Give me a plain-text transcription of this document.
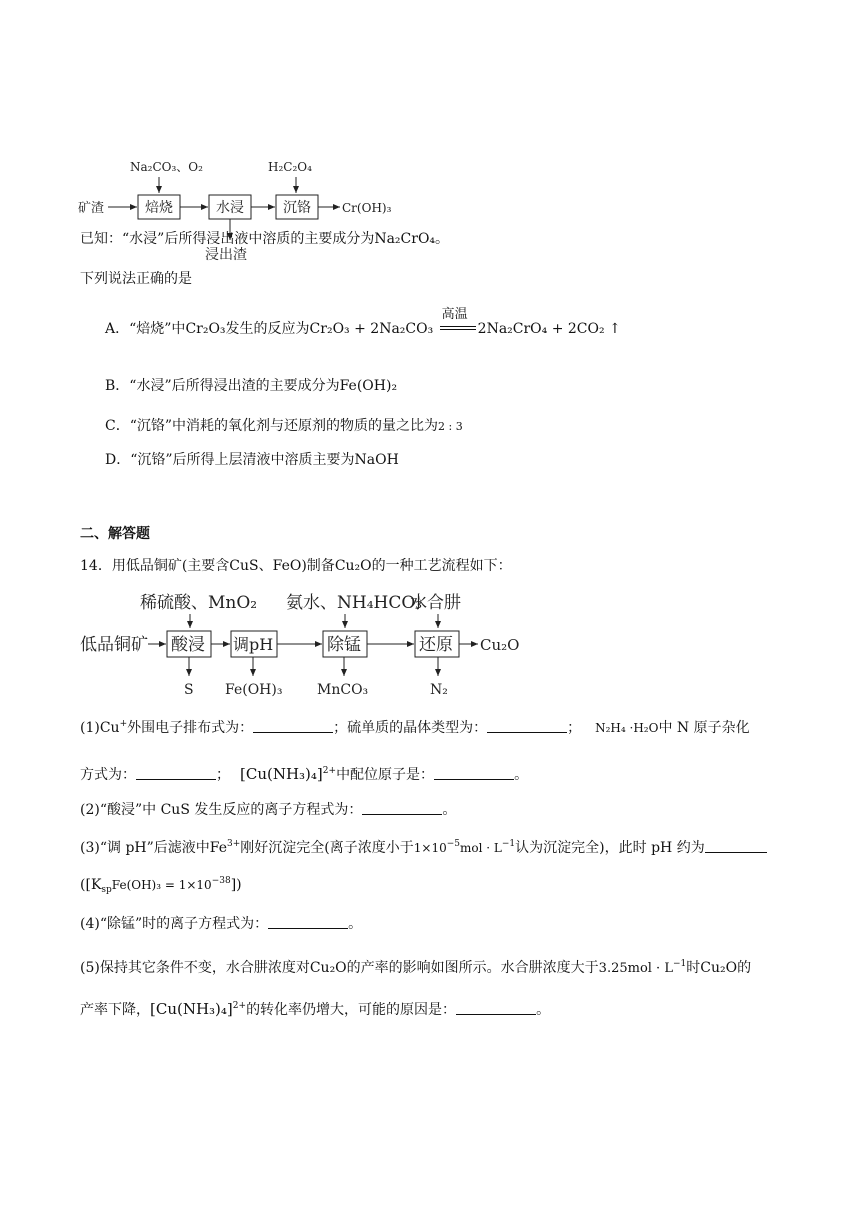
Na₂CO₃、O₂	H₂C₂O₄
矿渣	焙烧	水浸	沉铬	Cr(OH)₃
浸出渣
已知：“水浸”后所得浸出液中溶质的主要成分为Na₂CrO₄。
下列说法正确的是
A．“焙烧”中Cr₂O₃发生的反应为Cr₂O₃ + 2Na₂CO₃
高温
2Na₂CrO₄ + 2CO₂ ↑
B．“水浸”后所得浸出渣的主要成分为Fe(OH)₂
C．“沉铬”中消耗的氧化剂与还原剂的物质的量之比为2 : 3
D．“沉铬”后所得上层清液中溶质主要为NaOH
二、解答题
14．用低品铜矿(主要含CuS、FeO)制备Cu₂O的一种工艺流程如下：
稀硫酸、MnO₂ 氨水、NH₄HCO₃
水合肼
低品铜矿 酸浸 调pH	除锰	还原 Cu₂O
S Fe(OH)₃ MnCO₃	N₂
(1)Cu+外围电子排布式为：	；硫单质的晶体类型为：	； N₂H₄ ·H₂O中 N 原子杂化
方式为：	； $[Cu(NH_3)_4]^{2+}$中配位原子是：	。
(2)“酸浸”中 CuS 发生反应的离子方程式为：	。
(3)“调 pH”后滤液中$Fe^{3+}$刚好沉淀完全(离子浓度小于$1\times 10^{-5}mol \cdot L^{-1}$认为沉淀完全)，此时 pH 约为
$([K_{sp}Fe(OH)_3 = 1\times 10^{-38}])$
(4)“除锰”时的离子方程式为：	。
(5)保持其它条件不变，水合肼浓度对Cu₂O的产率的影响如图所示。水合肼浓度大于$3.25mol \cdot L^{-1}$时Cu₂O的
产率下降，$[Cu(NH_3)_4]^{2+}$的转化率仍增大，可能的原因是：	。
